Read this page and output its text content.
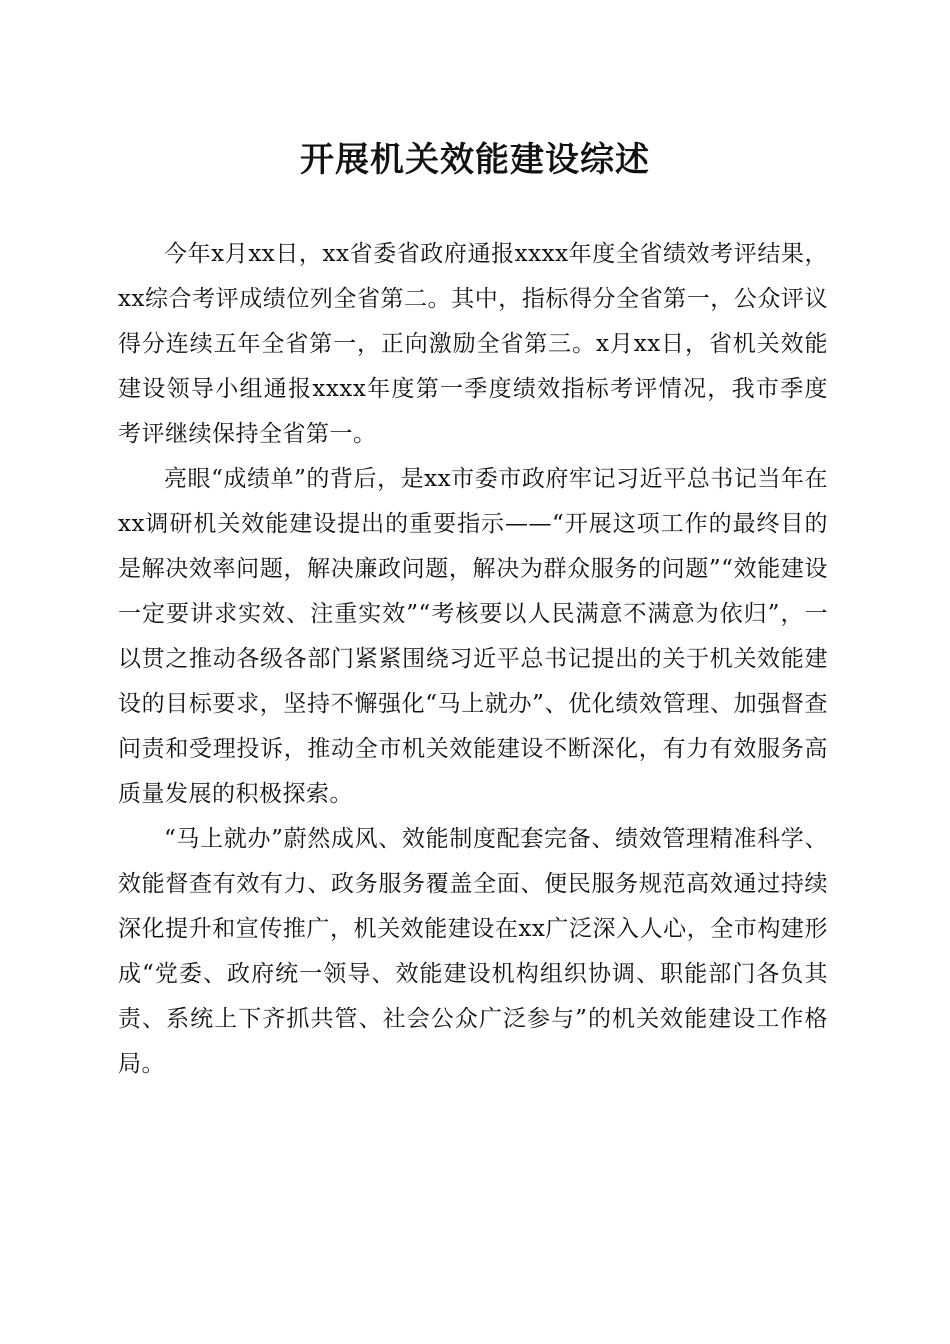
开展机关效能建设综述

今年x月xx日，xx省委省政府通报xxxx年度全省绩效考评结果，xx综合考评成绩位列全省第二。其中，指标得分全省第一，公众评议得分连续五年全省第一，正向激励全省第三。x月xx日，省机关效能建设领导小组通报xxxx年度第一季度绩效指标考评情况，我市季度考评继续保持全省第一。

亮眼“成绩单”的背后，是xx市委市政府牢记习近平总书记当年在xx调研机关效能建设提出的重要指示——“开展这项工作的最终目的是解决效率问题，解决廉政问题，解决为群众服务的问题”“效能建设一定要讲求实效、注重实效”“考核要以人民满意不满意为依归”，一以贯之推动各级各部门紧紧围绕习近平总书记提出的关于机关效能建设的目标要求，坚持不懈强化“马上就办”、优化绩效管理、加强督查问责和受理投诉，推动全市机关效能建设不断深化，有力有效服务高质量发展的积极探索。

“马上就办”蔚然成风、效能制度配套完备、绩效管理精准科学、效能督查有效有力、政务服务覆盖全面、便民服务规范高效通过持续深化提升和宣传推广，机关效能建设在xx广泛深入人心，全市构建形成“党委、政府统一领导、效能建设机构组织协调、职能部门各负其责、系统上下齐抓共管、社会公众广泛参与”的机关效能建设工作格局。
